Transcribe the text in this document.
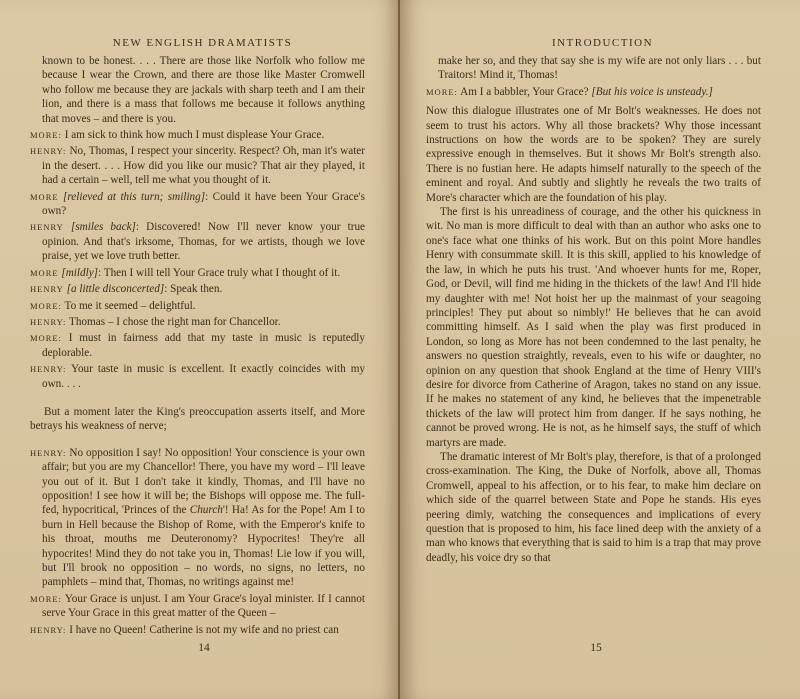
NEW ENGLISH DRAMATISTS

known to be honest. . . . There are those like Norfolk who follow me because I wear the Crown, and there are those like Master Cromwell who follow me because they are jackals with sharp teeth and I am their lion, and there is a mass that follows me because it follows anything that moves – and there is you.

MORE: I am sick to think how much I must displease Your Grace.

HENRY: No, Thomas, I respect your sincerity. Respect? Oh, man it's water in the desert. . . . How did you like our music? That air they played, it had a certain – well, tell me what you thought of it.

MORE [relieved at this turn; smiling]: Could it have been Your Grace's own?

HENRY [smiles back]: Discovered! Now I'll never know your true opinion. And that's irksome, Thomas, for we artists, though we love praise, yet we love truth better.

MORE [mildly]: Then I will tell Your Grace truly what I thought of it.

HENRY [a little disconcerted]: Speak then.

MORE: To me it seemed – delightful.

HENRY: Thomas – I chose the right man for Chancellor.

MORE: I must in fairness add that my taste in music is reputedly deplorable.

HENRY: Your taste in music is excellent. It exactly coincides with my own. . . .

But a moment later the King's preoccupation asserts itself, and More betrays his weakness of nerve;

HENRY: No opposition I say! No opposition! Your conscience is your own affair; but you are my Chancellor! There, you have my word – I'll leave you out of it. But I don't take it kindly, Thomas, and I'll have no opposition! I see how it will be; the Bishops will oppose me. The full-fed, hypocritical, 'Princes of the Church'! Ha! As for the Pope! Am I to burn in Hell because the Bishop of Rome, with the Emperor's knife to his throat, mouths me Deuteronomy? Hypocrites! They're all hypocrites! Mind they do not take you in, Thomas! Lie low if you will, but I'll brook no opposition – no words, no signs, no letters, no pamphlets – mind that, Thomas, no writings against me!

MORE: Your Grace is unjust. I am Your Grace's loyal minister. If I cannot serve Your Grace in this great matter of the Queen –

HENRY: I have no Queen! Catherine is not my wife and no priest can

14
INTRODUCTION

make her so, and they that say she is my wife are not only liars . . . but Traitors! Mind it, Thomas!

MORE: Am I a babbler, Your Grace? [But his voice is unsteady.]

Now this dialogue illustrates one of Mr Bolt's weaknesses. He does not seem to trust his actors. Why all those brackets? Why those incessant instructions on how the words are to be spoken? They are surely expressive enough in themselves. But it shows Mr Bolt's strength also. There is no fustian here. He adapts himself naturally to the speech of the eminent and royal. And subtly and slightly he reveals the two traits of More's character which are the foundation of his play.

The first is his unreadiness of courage, and the other his quickness in wit. No man is more difficult to deal with than an author who asks one to one's face what one thinks of his work. But on this point More handles Henry with consummate skill. It is this skill, applied to his knowledge of the law, in which he puts his trust. 'And whoever hunts for me, Roper, God, or Devil, will find me hiding in the thickets of the law! And I'll hide my daughter with me! Not hoist her up the mainmast of your seagoing principles! They put about so nimbly!' He believes that he can avoid committing himself. As I said when the play was first produced in London, so long as More has not been condemned to the last penalty, he answers no question straightly, reveals, even to his wife or daughter, no opinion on any question that shook England at the time of Henry VIII's desire for divorce from Catherine of Aragon, takes no stand on any issue. If he makes no statement of any kind, he believes that the impenetrable thickets of the law will protect him from danger. If he says nothing, he cannot be proved wrong. He is not, as he himself says, the stuff of which martyrs are made.

The dramatic interest of Mr Bolt's play, therefore, is that of a prolonged cross-examination. The King, the Duke of Norfolk, above all, Thomas Cromwell, appeal to his affection, or to his fear, to make him declare on which side of the quarrel between State and Pope he stands. His eyes peering dimly, watching the consequences and implications of every question that is proposed to him, his face lined deep with the anxiety of a man who knows that everything that is said to him is a trap that may prove deadly, his voice dry so that

15
